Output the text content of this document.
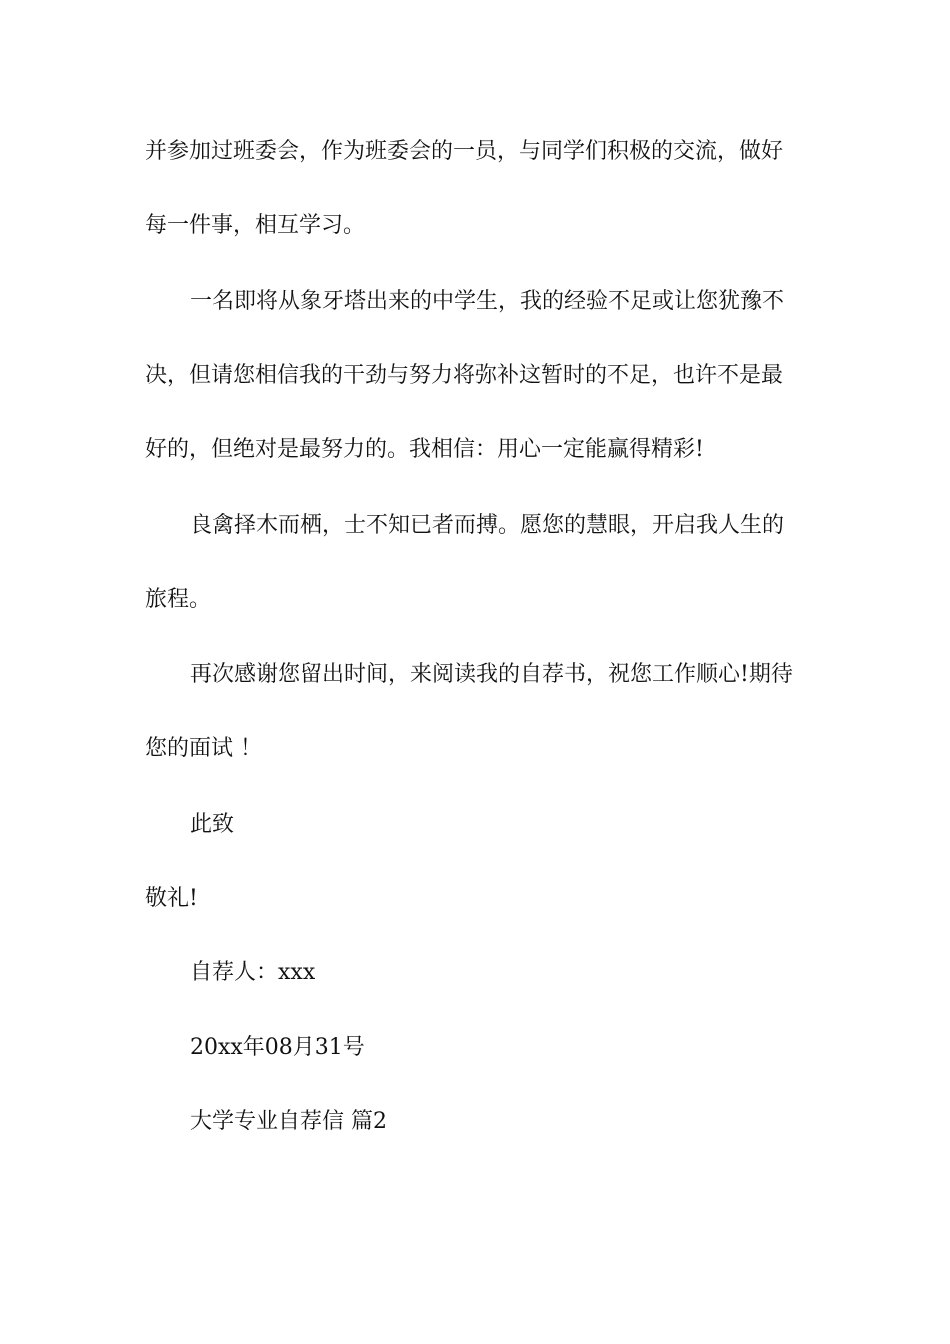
并参加过班委会，作为班委会的一员，与同学们积极的交流，做好
每一件事，相互学习。
一名即将从象牙塔出来的中学生，我的经验不足或让您犹豫不
决，但请您相信我的干劲与努力将弥补这暂时的不足，也许不是最
好的，但绝对是最努力的。我相信：用心一定能赢得精彩!
良禽择木而栖，士不知已者而搏。愿您的慧眼，开启我人生的
旅程。
再次感谢您留出时间，来阅读我的自荐书，祝您工作顺心!期待
您的面试 ！
此致
敬礼!
自荐人：xxx
20xx年08月31号
大学专业自荐信 篇2
